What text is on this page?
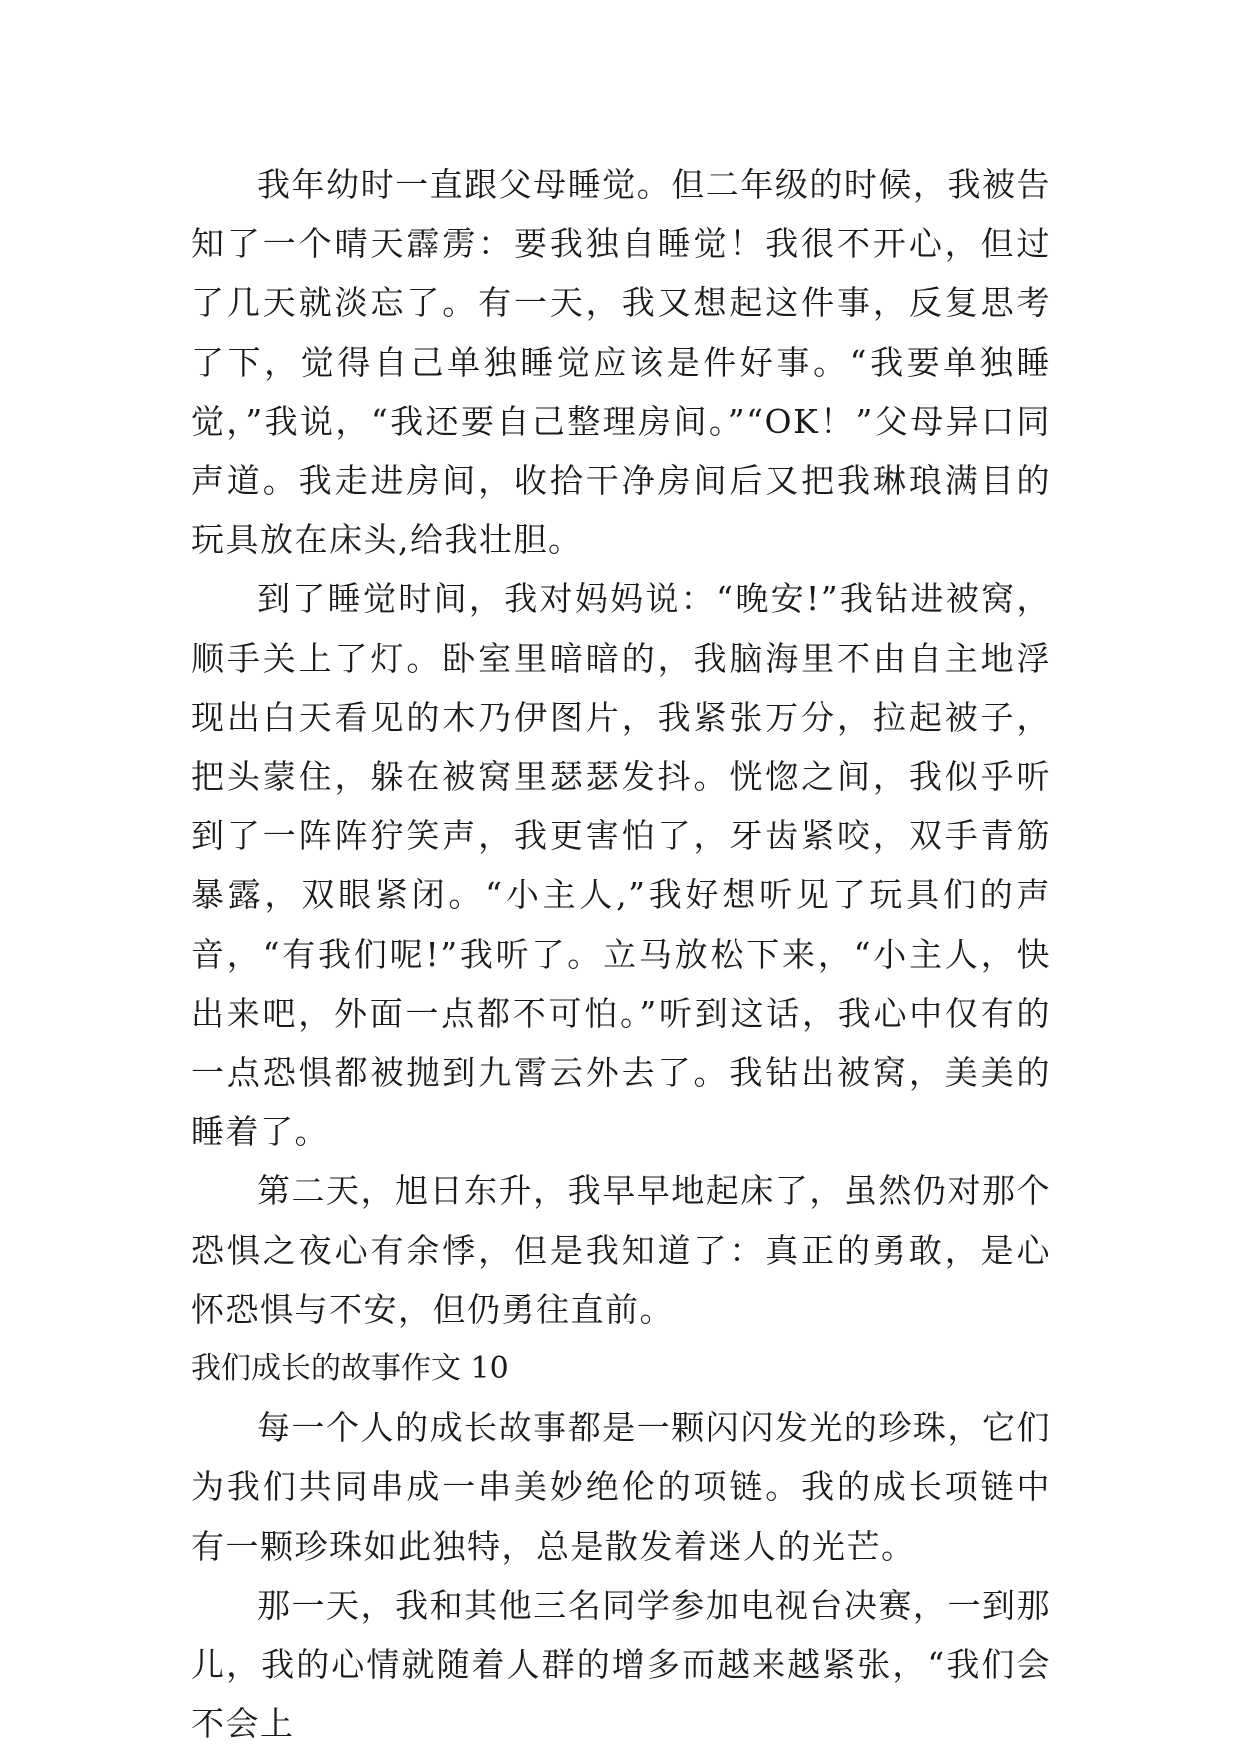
我年幼时一直跟父母睡觉。但二年级的时候，我被告知了一个晴天霹雳：要我独自睡觉！我很不开心，但过了几天就淡忘了。有一天，我又想起这件事，反复思考了下，觉得自己单独睡觉应该是件好事。“我要单独睡觉，”我说，“我还要自己整理房间。”“OK！”父母异口同声道。我走进房间，收拾干净房间后又把我琳琅满目的玩具放在床头,给我壮胆。

到了睡觉时间，我对妈妈说：“晚安!”我钻进被窝，顺手关上了灯。卧室里暗暗的，我脑海里不由自主地浮现出白天看见的木乃伊图片，我紧张万分，拉起被子，把头蒙住，躲在被窝里瑟瑟发抖。恍惚之间，我似乎听到了一阵阵狞笑声，我更害怕了，牙齿紧咬，双手青筋暴露，双眼紧闭。“小主人,”我好想听见了玩具们的声音，“有我们呢!”我听了。立马放松下来，“小主人，快出来吧，外面一点都不可怕。”听到这话，我心中仅有的一点恐惧都被抛到九霄云外去了。我钻出被窝，美美的睡着了。

第二天，旭日东升，我早早地起床了，虽然仍对那个恐惧之夜心有余悸，但是我知道了：真正的勇敢，是心怀恐惧与不安，但仍勇往直前。

我们成长的故事作文 10

每一个人的成长故事都是一颗闪闪发光的珍珠，它们为我们共同串成一串美妙绝伦的项链。我的成长项链中有一颗珍珠如此独特，总是散发着迷人的光芒。

那一天，我和其他三名同学参加电视台决赛，一到那儿，我的心情就随着人群的增多而越来越紧张，“我们会不会上
